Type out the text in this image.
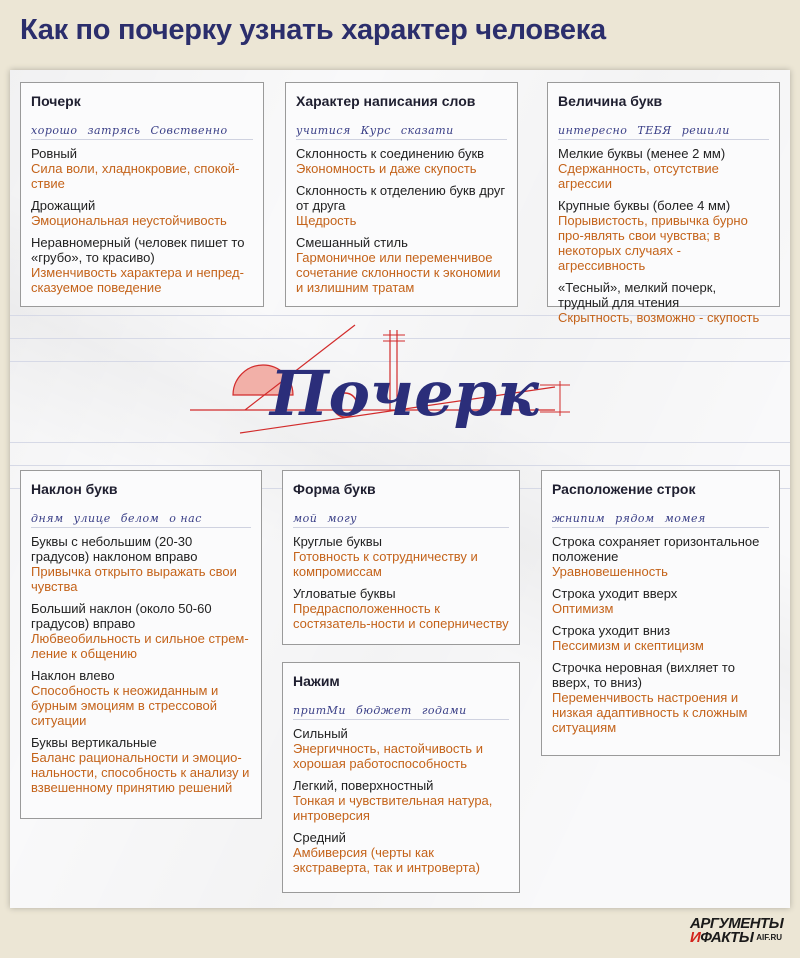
Как по почерку узнать характер человека
Почерк
хорошо затрясь Совственно
Ровный
Сила воли, хладнокровие, спокой-ствие
Дрожащий
Эмоциональная неустойчивость
Неравномерный (человек пишет то «грубо», то красиво)
Изменчивость характера и непред-сказуемое поведение
Характер написания слов
учитися Курс сказати
Склонность к соединению букв
Экономность и даже скупость
Склонность к отделению букв друг от друга
Щедрость
Смешанный стиль
Гармоничное или переменчивое сочетание склонности к экономии и излишним тратам
Величина букв
интересно ТЕБЯ решили
Мелкие буквы (менее 2 мм)
Сдержанность, отсутствие агрессии
Крупные буквы (более 4 мм)
Порывистость, привычка бурно про-являть свои чувства; в некоторых случаях - агрессивность
«Тесный», мелкий почерк, трудный для чтения
Скрытность, возможно - скупость
Почерк
Наклон букв
дням улице белом о нас
Буквы с небольшим (20-30 градусов) наклоном вправо
Привычка открыто выражать свои чувства
Больший наклон (около 50-60 градусов) вправо
Любвеобильность и сильное стрем-ление к общению
Наклон влево
Способность к неожиданным и бурным эмоциям в стрессовой ситуации
Буквы вертикальные
Баланс рациональности и эмоцио-нальности, способность к анализу и взвешенному принятию решений
Форма букв
мой могу
Круглые буквы
Готовность к сотрудничеству и компромиссам
Угловатые буквы
Предрасположенность к состязатель-ности и соперничеству
Нажим
притМи бюджет годами
Сильный
Энергичность, настойчивость и хорошая работоспособность
Легкий, поверхностный
Тонкая и чувствительная натура, интроверсия
Средний
Амбиверсия (черты как экстраверта, так и интроверта)
Расположение строк
жнипим рядом момея
Строка сохраняет горизонтальное положение
Уравновешенность
Строка уходит вверх
Оптимизм
Строка уходит вниз
Пессимизм и скептицизм
Строчка неровная (вихляет то вверх, то вниз)
Переменчивость настроения и низкая адаптивность к сложным ситуациям
АРГУМЕНТЫ
ИФАКТЫ AIF.RU
